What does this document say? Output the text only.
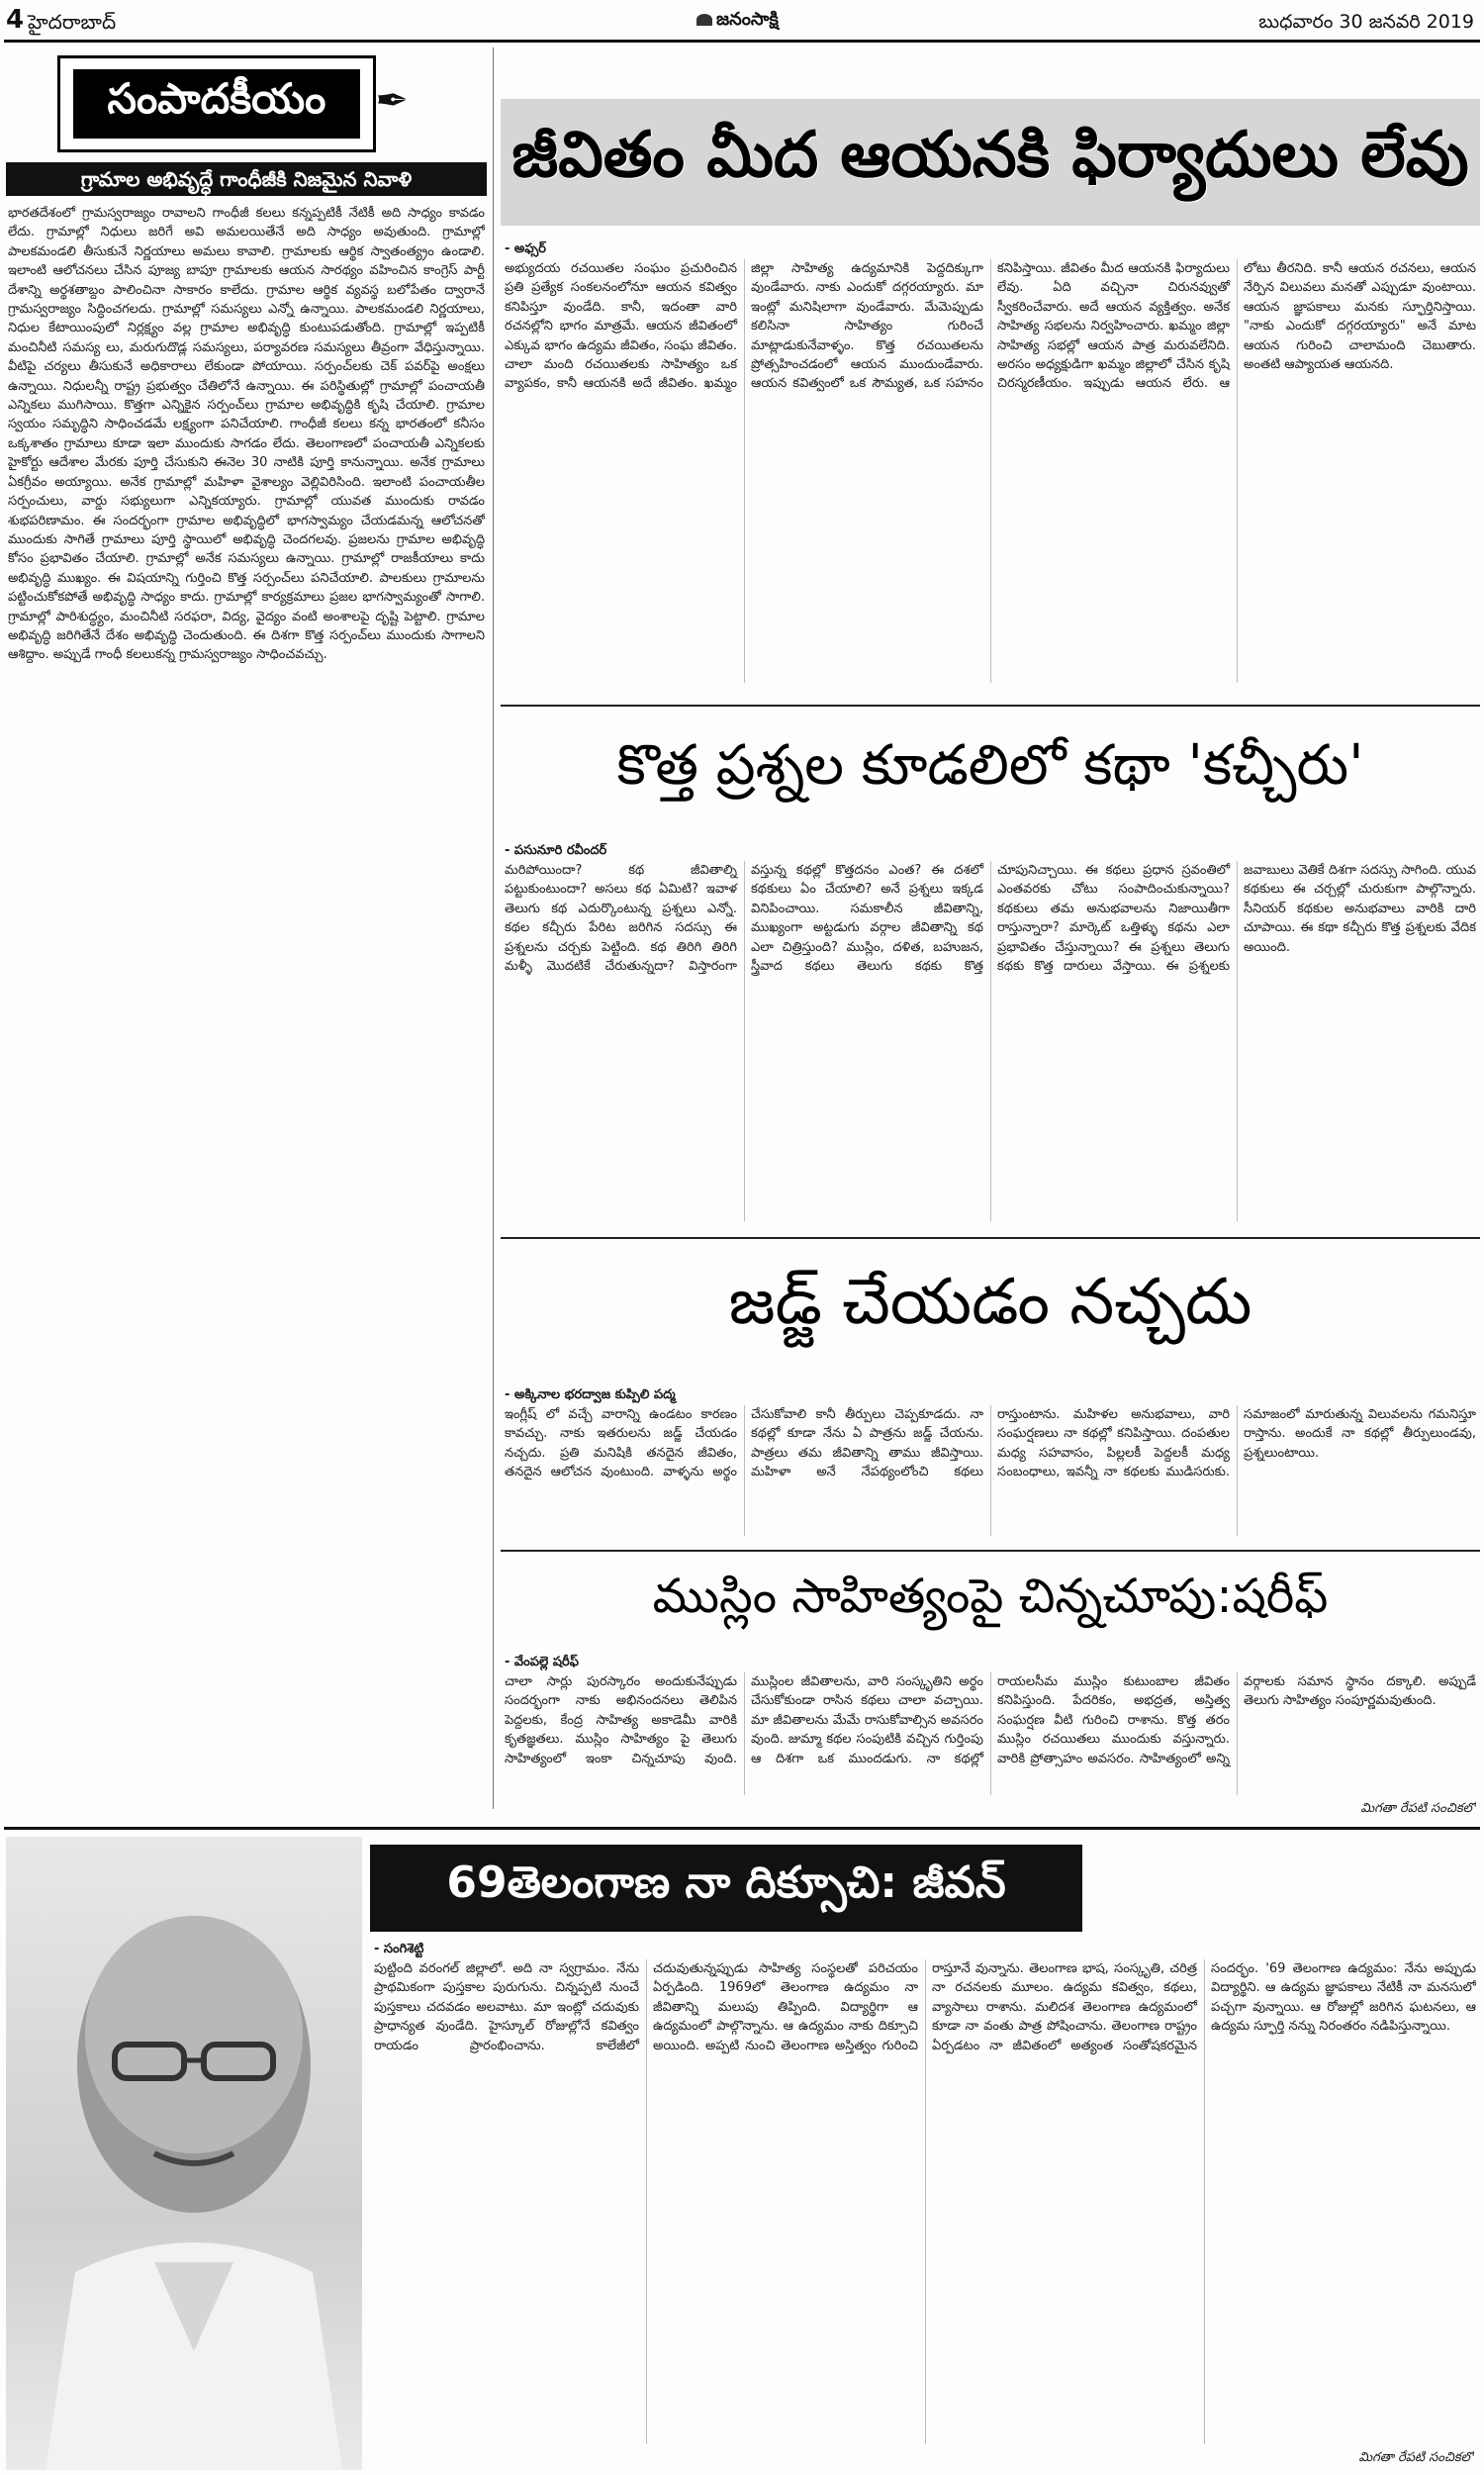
4 హైదరాబాద్	జనంసాక్షి	బుధవారం 30 జనవరి 2019
సంపాదకీయం	✒
గ్రామాల అభివృద్ధే గాంధీజీకి నిజమైన నివాళి
భారతదేశంలో గ్రామస్వరాజ్యం రావాలని గాంధీజీ కలలు కన్నప్పటికీ నేటికీ అది సాధ్యం కావడం లేదు. గ్రామాల్లో నిధులు జరిగే అవి అమలయితేనే అది సాధ్యం అవుతుంది. గ్రామాల్లో పాలకమండలి తీసుకునే నిర్ణయాలు అమలు కావాలి. గ్రామాలకు ఆర్థిక స్వాతంత్య్రం ఉండాలి. ఇలాంటి ఆలోచనలు చేసిన పూజ్య బాపూ గ్రామాలకు ఆయన సారథ్యం వహించిన కాంగ్రెస్ పార్టీ దేశాన్ని అర్థశతాబ్దం పాలించినా సాకారం కాలేదు. గ్రామాల ఆర్థిక వ్యవస్థ బలోపేతం ద్వారానే గ్రామస్వరాజ్యం సిద్ధించగలదు. గ్రామాల్లో సమస్యలు ఎన్నో ఉన్నాయి. పాలకమండలి నిర్ణయాలు, నిధుల కేటాయింపులో నిర్లక్ష్యం వల్ల గ్రామాల అభివృద్ధి కుంటుపడుతోంది. గ్రామాల్లో ఇప్పటికీ మంచినీటి సమస్య లు, మరుగుదొడ్ల సమస్యలు, పర్యావరణ సమస్యలు తీవ్రంగా వేధిస్తున్నాయి. వీటిపై చర్యలు తీసుకునే అధికారాలు లేకుండా పోయాయి. సర్పంచ్‌లకు చెక్ పవర్‌పై అంక్షలు ఉన్నాయి. నిధులన్నీ రాష్ట్ర ప్రభుత్వం చేతిలోనే ఉన్నాయి. ఈ పరిస్థితుల్లో గ్రామాల్లో పంచాయతీ ఎన్నికలు ముగిసాయి. కొత్తగా ఎన్నికైన సర్పంచ్‌లు గ్రామాల అభివృద్ధికి కృషి చేయాలి. గ్రామాల స్వయం సమృద్ధిని సాధించడమే లక్ష్యంగా పనిచేయాలి. గాంధీజీ కలలు కన్న భారతంలో కనీసం ఒక్కశాతం గ్రామాలు కూడా ఇలా ముందుకు సాగడం లేదు. తెలంగాణలో పంచాయతీ ఎన్నికలకు హైకోర్టు ఆదేశాల మేరకు పూర్తి చేసుకుని ఈనెల 30 నాటికి పూర్తి కానున్నాయి. అనేక గ్రామాలు ఏకగ్రీవం అయ్యాయి. అనేక గ్రామాల్లో మహిళా వైశాల్యం వెల్లివిరిసింది. ఇలాంటి పంచాయతీల సర్పంచులు, వార్డు సభ్యులుగా ఎన్నికయ్యారు. గ్రామాల్లో యువత ముందుకు రావడం శుభపరిణామం. ఈ సందర్భంగా గ్రామాల అభివృద్ధిలో భాగస్వామ్యం చేయడమన్న ఆలోచనతో ముందుకు సాగితే గ్రామాలు పూర్తి స్థాయిలో అభివృద్ధి చెందగలవు. ప్రజలను గ్రామాల అభివృద్ధి కోసం ప్రభావితం చేయాలి. గ్రామాల్లో అనేక సమస్యలు ఉన్నాయి. గ్రామాల్లో రాజకీయాలు కాదు అభివృద్ధి ముఖ్యం. ఈ విషయాన్ని గుర్తించి కొత్త సర్పంచ్‌లు పనిచేయాలి. పాలకులు గ్రామాలను పట్టించుకోకపోతే అభివృద్ధి సాధ్యం కాదు. గ్రామాల్లో కార్యక్రమాలు ప్రజల భాగస్వామ్యంతో సాగాలి. గ్రామాల్లో పారిశుద్ధ్యం, మంచినీటి సరఫరా, విద్య, వైద్యం వంటి అంశాలపై దృష్టి పెట్టాలి. గ్రామాల అభివృద్ధి జరిగితేనే దేశం అభివృద్ధి చెందుతుంది. ఈ దిశగా కొత్త సర్పంచ్‌లు ముందుకు సాగాలని ఆశిద్దాం. అప్పుడే గాంధీ కలలుకన్న గ్రామస్వరాజ్యం సాధించవచ్చు.
జీవితం మీద ఆయనకి ఫిర్యాదులు లేవు
- అఫ్సర్
అభ్యుదయ రచయితల సంఘం ప్రచురించిన ప్రతి ప్రత్యేక సంకలనంలోనూ ఆయన కవిత్వం కనిపిస్తూ వుండేది. కానీ, ఇదంతా వారి రచనల్లోని భాగం మాత్రమే. ఆయన జీవితంలో ఎక్కువ భాగం ఉద్యమ జీవితం, సంఘ జీవితం. చాలా మంది రచయితలకు సాహిత్యం ఒక వ్యాపకం, కానీ ఆయనకి అదే జీవితం. ఖమ్మం జిల్లా సాహిత్య ఉద్యమానికి పెద్దదిక్కుగా వుండేవారు. నాకు ఎందుకో దగ్గరయ్యారు. మా ఇంట్లో మనిషిలాగా వుండేవారు. మేమెప్పుడు కలిసినా సాహిత్యం గురించే మాట్లాడుకునేవాళ్ళం. కొత్త రచయితలను ప్రోత్సహించడంలో ఆయన ముందుండేవారు. ఆయన కవిత్వంలో ఒక సౌమ్యత, ఒక సహనం కనిపిస్తాయి. జీవితం మీద ఆయనకి ఫిర్యాదులు లేవు. ఏది వచ్చినా చిరునవ్వుతో స్వీకరించేవారు. అదే ఆయన వ్యక్తిత్వం. అనేక సాహిత్య సభలను నిర్వహించారు. ఖమ్మం జిల్లా సాహిత్య సభల్లో ఆయన పాత్ర మరువలేనిది. అరసం అధ్యక్షుడిగా ఖమ్మం జిల్లాలో చేసిన కృషి చిరస్మరణీయం. ఇప్పుడు ఆయన లేరు. ఆ లోటు తీరనిది. కానీ ఆయన రచనలు, ఆయన నేర్పిన విలువలు మనతో ఎప్పుడూ వుంటాయి. ఆయన జ్ఞాపకాలు మనకు స్ఫూర్తినిస్తాయి. "నాకు ఎందుకో దగ్గరయ్యారు" అనే మాట ఆయన గురించి చాలామంది చెబుతారు. అంతటి ఆప్యాయత ఆయనది.
కొత్త ప్రశ్నల కూడలిలో కథా 'కచ్చీరు'
- పసునూరి రవీందర్
మరిపోయిందా? కథ జీవితాల్ని పట్టుకుంటుందా? అసలు కథ ఏమిటి? ఇవాళ తెలుగు కథ ఎదుర్కొంటున్న ప్రశ్నలు ఎన్నో. కథల కచ్చీరు పేరిట జరిగిన సదస్సు ఈ ప్రశ్నలను చర్చకు పెట్టింది. కథ తిరిగి తిరిగి మళ్ళీ మొదటికే చేరుతున్నదా? విస్తారంగా వస్తున్న కథల్లో కొత్తదనం ఎంత? ఈ దశలో కథకులు ఏం చేయాలి? అనే ప్రశ్నలు ఇక్కడ వినిపించాయి. సమకాలీన జీవితాన్ని, ముఖ్యంగా అట్టడుగు వర్గాల జీవితాన్ని కథ ఎలా చిత్రిస్తుంది? ముస్లిం, దళిత, బహుజన, స్త్రీవాద కథలు తెలుగు కథకు కొత్త చూపునిచ్చాయి. ఈ కథలు ప్రధాన స్రవంతిలో ఎంతవరకు చోటు సంపాదించుకున్నాయి? కథకులు తమ అనుభవాలను నిజాయితీగా రాస్తున్నారా? మార్కెట్ ఒత్తిళ్ళు కథను ఎలా ప్రభావితం చేస్తున్నాయి? ఈ ప్రశ్నలు తెలుగు కథకు కొత్త దారులు వేస్తాయి. ఈ ప్రశ్నలకు జవాబులు వెతికే దిశగా సదస్సు సాగింది. యువ కథకులు ఈ చర్చల్లో చురుకుగా పాల్గొన్నారు. సీనియర్ కథకుల అనుభవాలు వారికి దారి చూపాయి. ఈ కథా కచ్చీరు కొత్త ప్రశ్నలకు వేదిక అయింది.
జడ్జ్ చేయడం నచ్చదు
- అక్కినాల భరద్వాజ కుప్పిలి పద్మ
ఇంగ్లీష్ లో వచ్చే వారాన్ని ఉండటం కారణం కావచ్చు. నాకు ఇతరులను జడ్జ్ చేయడం నచ్చదు. ప్రతి మనిషికి తనదైన జీవితం, తనదైన ఆలోచన వుంటుంది. వాళ్ళను అర్థం చేసుకోవాలి కానీ తీర్పులు చెప్పకూడదు. నా కథల్లో కూడా నేను ఏ పాత్రను జడ్జ్ చేయను. పాత్రలు తమ జీవితాన్ని తాము జీవిస్తాయి. మహిళా అనే నేపథ్యంలోంచి కథలు రాస్తుంటాను. మహిళల అనుభవాలు, వారి సంఘర్షణలు నా కథల్లో కనిపిస్తాయి. దంపతుల మధ్య సహవాసం, పిల్లలకీ పెద్దలకీ మధ్య సంబంధాలు, ఇవన్నీ నా కథలకు ముడిసరుకు. సమాజంలో మారుతున్న విలువలను గమనిస్తూ రాస్తాను. అందుకే నా కథల్లో తీర్పులుండవు, ప్రశ్నలుంటాయి.
ముస్లిం సాహిత్యంపై చిన్నచూపు:షరీఫ్
- వేంపల్లె షరీఫ్
చాలా సార్లు పురస్కారం అందుకునేప్పుడు సందర్భంగా నాకు అభినందనలు తెలిపిన పెద్దలకు, కేంద్ర సాహిత్య అకాడెమీ వారికి కృతజ్ఞతలు. ముస్లిం సాహిత్యం పై తెలుగు సాహిత్యంలో ఇంకా చిన్నచూపు వుంది. ముస్లింల జీవితాలను, వారి సంస్కృతిని అర్థం చేసుకోకుండా రాసిన కథలు చాలా వచ్చాయి. మా జీవితాలను మేమే రాసుకోవాల్సిన అవసరం వుంది. జుమ్మా కథల సంపుటికి వచ్చిన గుర్తింపు ఆ దిశగా ఒక ముందడుగు. నా కథల్లో రాయలసీమ ముస్లిం కుటుంబాల జీవితం కనిపిస్తుంది. పేదరికం, అభద్రత, అస్తిత్వ సంఘర్షణ వీటి గురించి రాశాను. కొత్త తరం ముస్లిం రచయితలు ముందుకు వస్తున్నారు. వారికి ప్రోత్సాహం అవసరం. సాహిత్యంలో అన్ని వర్గాలకు సమాన స్థానం దక్కాలి. అప్పుడే తెలుగు సాహిత్యం సంపూర్ణమవుతుంది.
మిగతా రేపటి సంచికలో
69తెలంగాణ నా దిక్సూచి: జీవన్
- సంగిశెట్టి
పుట్టింది వరంగల్ జిల్లాలో. అది నా స్వగ్రామం. నేను ప్రాథమికంగా పుస్తకాల పురుగును. చిన్నప్పటి నుంచే పుస్తకాలు చదవడం అలవాటు. మా ఇంట్లో చదువుకు ప్రాధాన్యత వుండేది. హైస్కూల్ రోజుల్లోనే కవిత్వం రాయడం ప్రారంభించాను. కాలేజీలో చదువుతున్నప్పుడు సాహిత్య సంస్థలతో పరిచయం ఏర్పడింది. 1969లో తెలంగాణ ఉద్యమం నా జీవితాన్ని మలుపు తిప్పింది. విద్యార్థిగా ఆ ఉద్యమంలో పాల్గొన్నాను. ఆ ఉద్యమం నాకు దిక్సూచి అయింది. అప్పటి నుంచి తెలంగాణ అస్తిత్వం గురించి రాస్తూనే వున్నాను. తెలంగాణ భాష, సంస్కృతి, చరిత్ర నా రచనలకు మూలం. ఉద్యమ కవిత్వం, కథలు, వ్యాసాలు రాశాను. మలిదశ తెలంగాణ ఉద్యమంలో కూడా నా వంతు పాత్ర పోషించాను. తెలంగాణ రాష్ట్రం ఏర్పడటం నా జీవితంలో అత్యంత సంతోషకరమైన సందర్భం. '69 తెలంగాణ ఉద్యమం: నేను అప్పుడు విద్యార్థిని. ఆ ఉద్యమ జ్ఞాపకాలు నేటికీ నా మనసులో పచ్చగా వున్నాయి. ఆ రోజుల్లో జరిగిన ఘటనలు, ఆ ఉద్యమ స్ఫూర్తి నన్ను నిరంతరం నడిపిస్తున్నాయి.
మిగతా రేపటి సంచికలో
